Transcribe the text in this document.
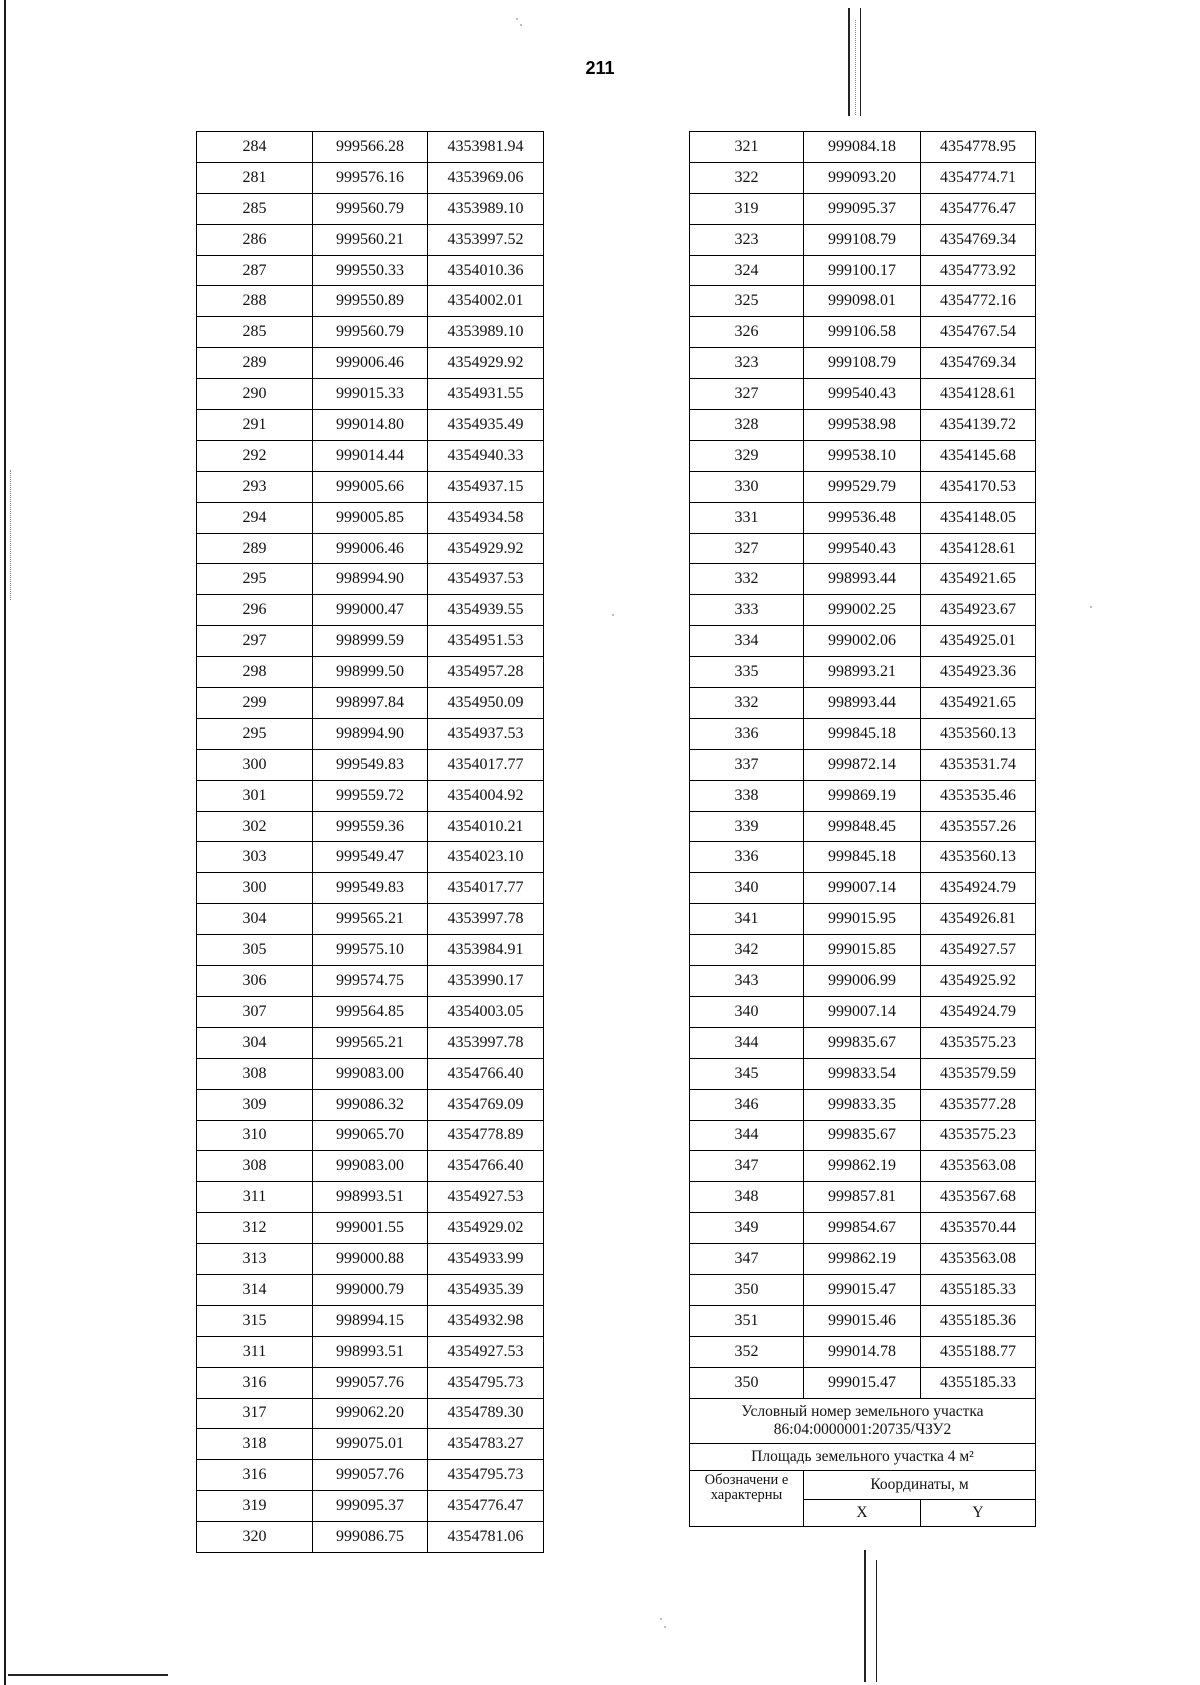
211
284	999566.28	4353981.94
281	999576.16	4353969.06
285	999560.79	4353989.10
286	999560.21	4353997.52
287	999550.33	4354010.36
288	999550.89	4354002.01
285	999560.79	4353989.10
289	999006.46	4354929.92
290	999015.33	4354931.55
291	999014.80	4354935.49
292	999014.44	4354940.33
293	999005.66	4354937.15
294	999005.85	4354934.58
289	999006.46	4354929.92
295	998994.90	4354937.53
296	999000.47	4354939.55
297	998999.59	4354951.53
298	998999.50	4354957.28
299	998997.84	4354950.09
295	998994.90	4354937.53
300	999549.83	4354017.77
301	999559.72	4354004.92
302	999559.36	4354010.21
303	999549.47	4354023.10
300	999549.83	4354017.77
304	999565.21	4353997.78
305	999575.10	4353984.91
306	999574.75	4353990.17
307	999564.85	4354003.05
304	999565.21	4353997.78
308	999083.00	4354766.40
309	999086.32	4354769.09
310	999065.70	4354778.89
308	999083.00	4354766.40
311	998993.51	4354927.53
312	999001.55	4354929.02
313	999000.88	4354933.99
314	999000.79	4354935.39
315	998994.15	4354932.98
311	998993.51	4354927.53
316	999057.76	4354795.73
317	999062.20	4354789.30
318	999075.01	4354783.27
316	999057.76	4354795.73
319	999095.37	4354776.47
320	999086.75	4354781.06
321	999084.18	4354778.95
322	999093.20	4354774.71
319	999095.37	4354776.47
323	999108.79	4354769.34
324	999100.17	4354773.92
325	999098.01	4354772.16
326	999106.58	4354767.54
323	999108.79	4354769.34
327	999540.43	4354128.61
328	999538.98	4354139.72
329	999538.10	4354145.68
330	999529.79	4354170.53
331	999536.48	4354148.05
327	999540.43	4354128.61
332	998993.44	4354921.65
333	999002.25	4354923.67
334	999002.06	4354925.01
335	998993.21	4354923.36
332	998993.44	4354921.65
336	999845.18	4353560.13
337	999872.14	4353531.74
338	999869.19	4353535.46
339	999848.45	4353557.26
336	999845.18	4353560.13
340	999007.14	4354924.79
341	999015.95	4354926.81
342	999015.85	4354927.57
343	999006.99	4354925.92
340	999007.14	4354924.79
344	999835.67	4353575.23
345	999833.54	4353579.59
346	999833.35	4353577.28
344	999835.67	4353575.23
347	999862.19	4353563.08
348	999857.81	4353567.68
349	999854.67	4353570.44
347	999862.19	4353563.08
350	999015.47	4355185.33
351	999015.46	4355185.36
352	999014.78	4355188.77
350	999015.47	4355185.33

Условный номер земельного участка
86:04:0000001:20735/ЧЗУ2		

Площадь земельного участка 4 м²		
Обозначени е характерны	Координаты, м	
	X	Y
